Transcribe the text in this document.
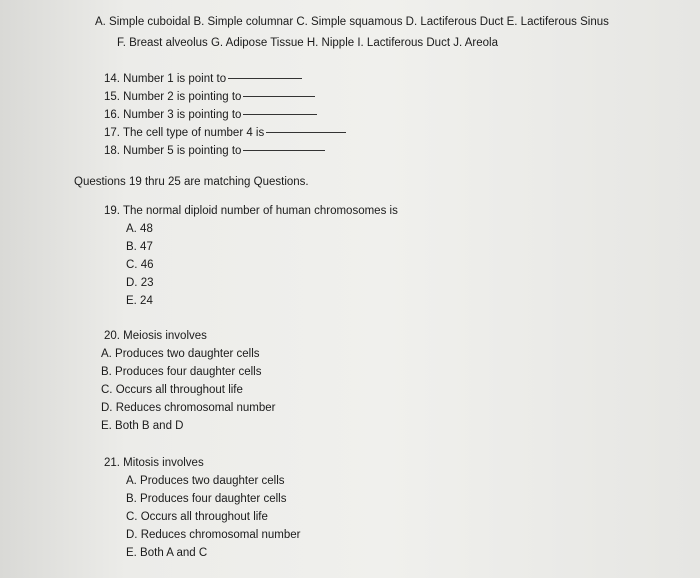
A. Simple cuboidal B. Simple columnar C. Simple squamous D. Lactiferous Duct E. Lactiferous Sinus
F. Breast alveolus G. Adipose Tissue H. Nipple I. Lactiferous Duct J. Areola
14. Number 1 is point to
15. Number 2 is pointing to
16. Number 3 is pointing to
17. The cell type of number 4 is
18. Number 5 is pointing to
Questions 19 thru 25 are matching Questions.
19. The normal diploid number of human chromosomes is
A. 48
B. 47
C. 46
D. 23
E. 24
20. Meiosis involves
A. Produces two daughter cells
B. Produces four daughter cells
C. Occurs all throughout life
D. Reduces chromosomal number
E. Both B and D
21. Mitosis involves
A. Produces two daughter cells
B. Produces four daughter cells
C. Occurs all throughout life
D. Reduces chromosomal number
E. Both A and C
